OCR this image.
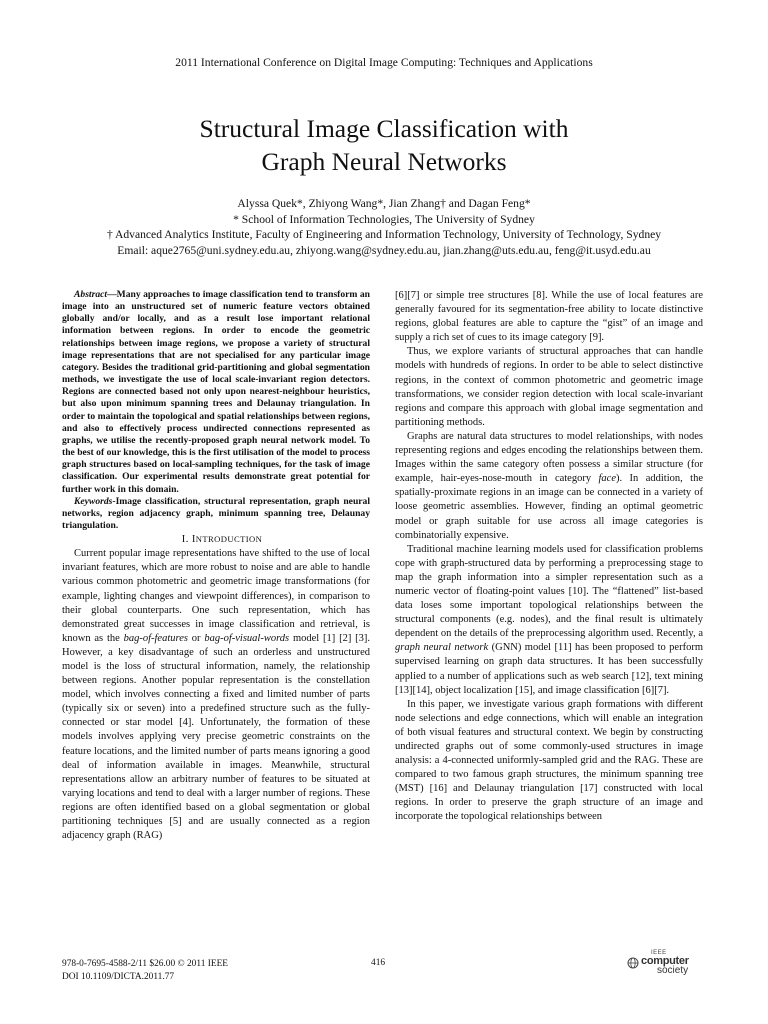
2011 International Conference on Digital Image Computing: Techniques and Applications
Structural Image Classification with
Graph Neural Networks
Alyssa Quek*, Zhiyong Wang*, Jian Zhang† and Dagan Feng*
* School of Information Technologies, The University of Sydney
† Advanced Analytics Institute, Faculty of Engineering and Information Technology, University of Technology, Sydney
Email: aque2765@uni.sydney.edu.au, zhiyong.wang@sydney.edu.au, jian.zhang@uts.edu.au, feng@it.usyd.edu.au

Abstract—Many approaches to image classification tend to transform an image into an unstructured set of numeric feature vectors obtained globally and/or locally, and as a result lose important relational information between regions. In order to encode the geometric relationships between image regions, we propose a variety of structural image representations that are not specialised for any particular image category. Besides the traditional grid-partitioning and global segmentation methods, we investigate the use of local scale-invariant region detectors. Regions are connected based not only upon nearest-neighbour heuristics, but also upon minimum spanning trees and Delaunay triangulation. In order to maintain the topological and spatial relationships between regions, and also to effectively process undirected connections represented as graphs, we utilise the recently-proposed graph neural network model. To the best of our knowledge, this is the first utilisation of the model to process graph structures based on local-sampling techniques, for the task of image classification. Our experimental results demonstrate great potential for further work in this domain.

Keywords-Image classification, structural representation, graph neural networks, region adjacency graph, minimum spanning tree, Delaunay triangulation.

I. INTRODUCTION

Current popular image representations have shifted to the use of local invariant features, which are more robust to noise and are able to handle various common photometric and geometric image transformations (for example, lighting changes and viewpoint differences), in comparison to their global counterparts. One such representation, which has demonstrated great successes in image classification and retrieval, is known as the bag-of-features or bag-of-visual-words model [1] [2] [3]. However, a key disadvantage of such an orderless and unstructured model is the loss of structural information, namely, the relationship between regions. Another popular representation is the constellation model, which involves connecting a fixed and limited number of parts (typically six or seven) into a predefined structure such as the fully-connected or star model [4]. Unfortunately, the formation of these models involves applying very precise geometric constraints on the feature locations, and the limited number of parts means ignoring a good deal of information available in images. Meanwhile, structural representations allow an arbitrary number of features to be situated at varying locations and tend to deal with a larger number of regions. These regions are often identified based on a global segmentation or global partitioning techniques [5] and are usually connected as a region adjacency graph (RAG)

[6][7] or simple tree structures [8]. While the use of local features are generally favoured for its segmentation-free ability to locate distinctive regions, global features are able to capture the “gist” of an image and supply a rich set of cues to its image category [9].

Thus, we explore variants of structural approaches that can handle models with hundreds of regions. In order to be able to select distinctive regions, in the context of common photometric and geometric image transformations, we consider region detection with local scale-invariant regions and compare this approach with global image segmentation and partitioning methods.

Graphs are natural data structures to model relationships, with nodes representing regions and edges encoding the relationships between them. Images within the same category often possess a similar structure (for example, hair-eyes-nose-mouth in category face). In addition, the spatially-proximate regions in an image can be connected in a variety of loose geometric assemblies. However, finding an optimal geometric model or graph suitable for use across all image categories is combinatorially expensive.

Traditional machine learning models used for classification problems cope with graph-structured data by performing a preprocessing stage to map the graph information into a simpler representation such as a numeric vector of floating-point values [10]. The “flattened” list-based data loses some important topological relationships between the structural components (e.g. nodes), and the final result is ultimately dependent on the details of the preprocessing algorithm used. Recently, a graph neural network (GNN) model [11] has been proposed to perform supervised learning on graph data structures. It has been successfully applied to a number of applications such as web search [12], text mining [13][14], object localization [15], and image classification [6][7].

In this paper, we investigate various graph formations with different node selections and edge connections, which will enable an integration of both visual features and structural context. We begin by constructing undirected graphs out of some commonly-used structures in image analysis: a 4-connected uniformly-sampled grid and the RAG. These are compared to two famous graph structures, the minimum spanning tree (MST) [16] and Delaunay triangulation [17] constructed with local regions. In order to preserve the graph structure of an image and incorporate the topological relationships between

978-0-7695-4588-2/11 $26.00 © 2011 IEEE
DOI 10.1109/DICTA.2011.77
416
IEEE
computer
society
